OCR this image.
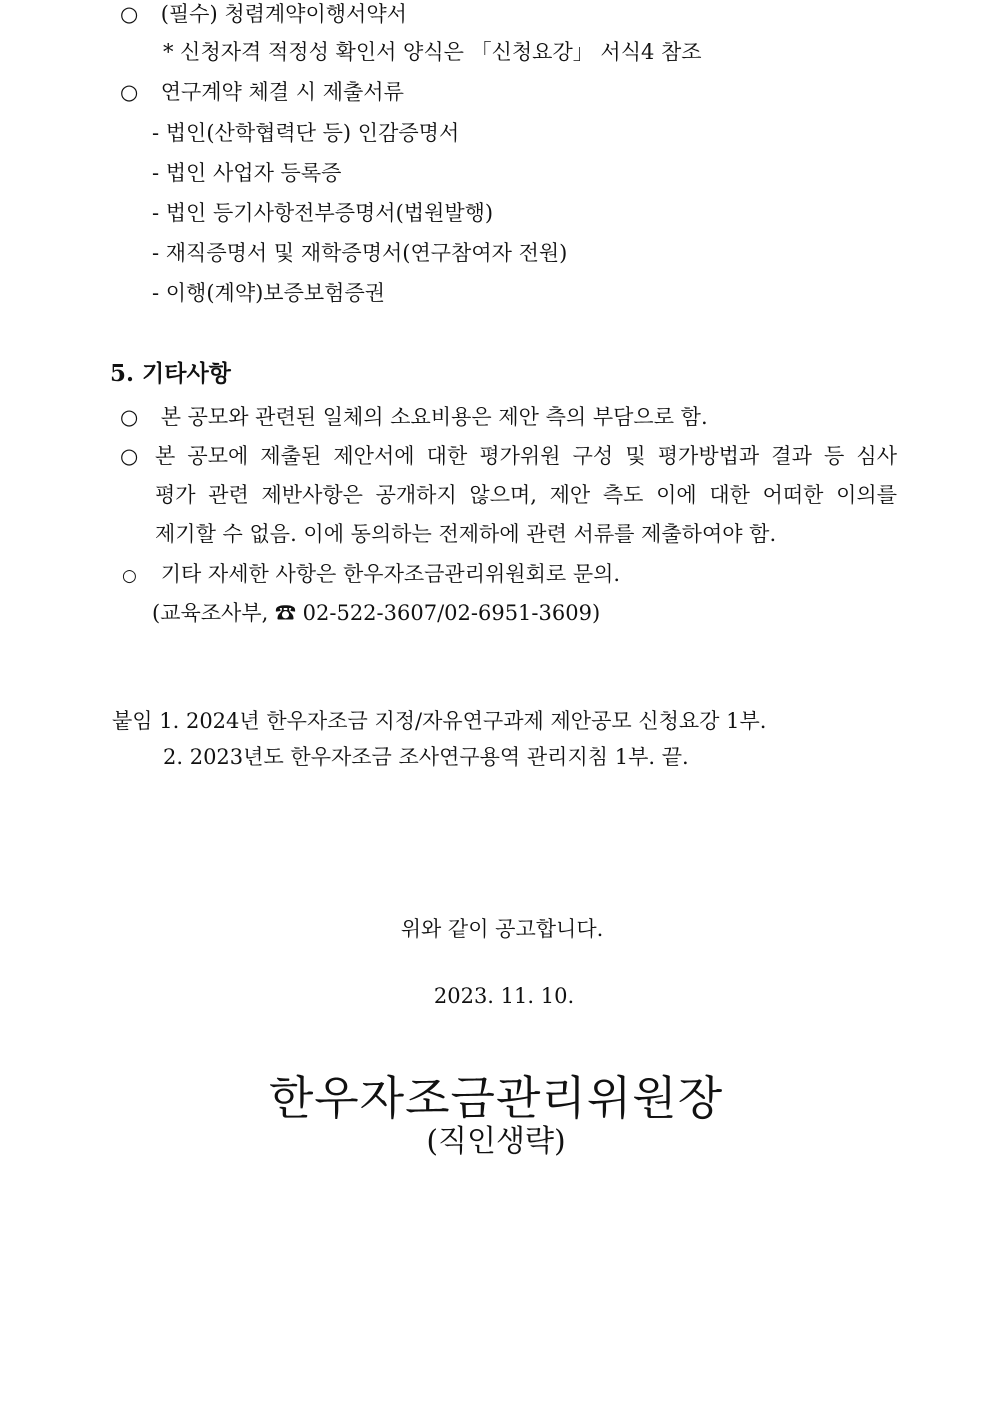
○ (필수) 청렴계약이행서약서
* 신청자격 적정성 확인서 양식은 「신청요강」 서식4 참조
○ 연구계약 체결 시 제출서류
- 법인(산학협력단 등) 인감증명서
- 법인 사업자 등록증
- 법인 등기사항전부증명서(법원발행)
- 재직증명서 및 재학증명서(연구참여자 전원)
- 이행(계약)보증보험증권
5. 기타사항
○ 본 공모와 관련된 일체의 소요비용은 제안 측의 부담으로 함.
○ 본 공모에 제출된 제안서에 대한 평가위원 구성 및 평가방법과 결과 등 심사
평가 관련 제반사항은 공개하지 않으며, 제안 측도 이에 대한 어떠한 이의를
제기할 수 없음. 이에 동의하는 전제하에 관련 서류를 제출하여야 함.
○ 기타 자세한 사항은 한우자조금관리위원회로 문의.
(교육조사부, ☎ 02-522-3607/02-6951-3609)
붙임 1. 2024년 한우자조금 지정/자유연구과제 제안공모 신청요강 1부.
2. 2023년도 한우자조금 조사연구용역 관리지침 1부. 끝.
위와 같이 공고합니다.
2023. 11. 10.
한우자조금관리위원장
(직인생략)
